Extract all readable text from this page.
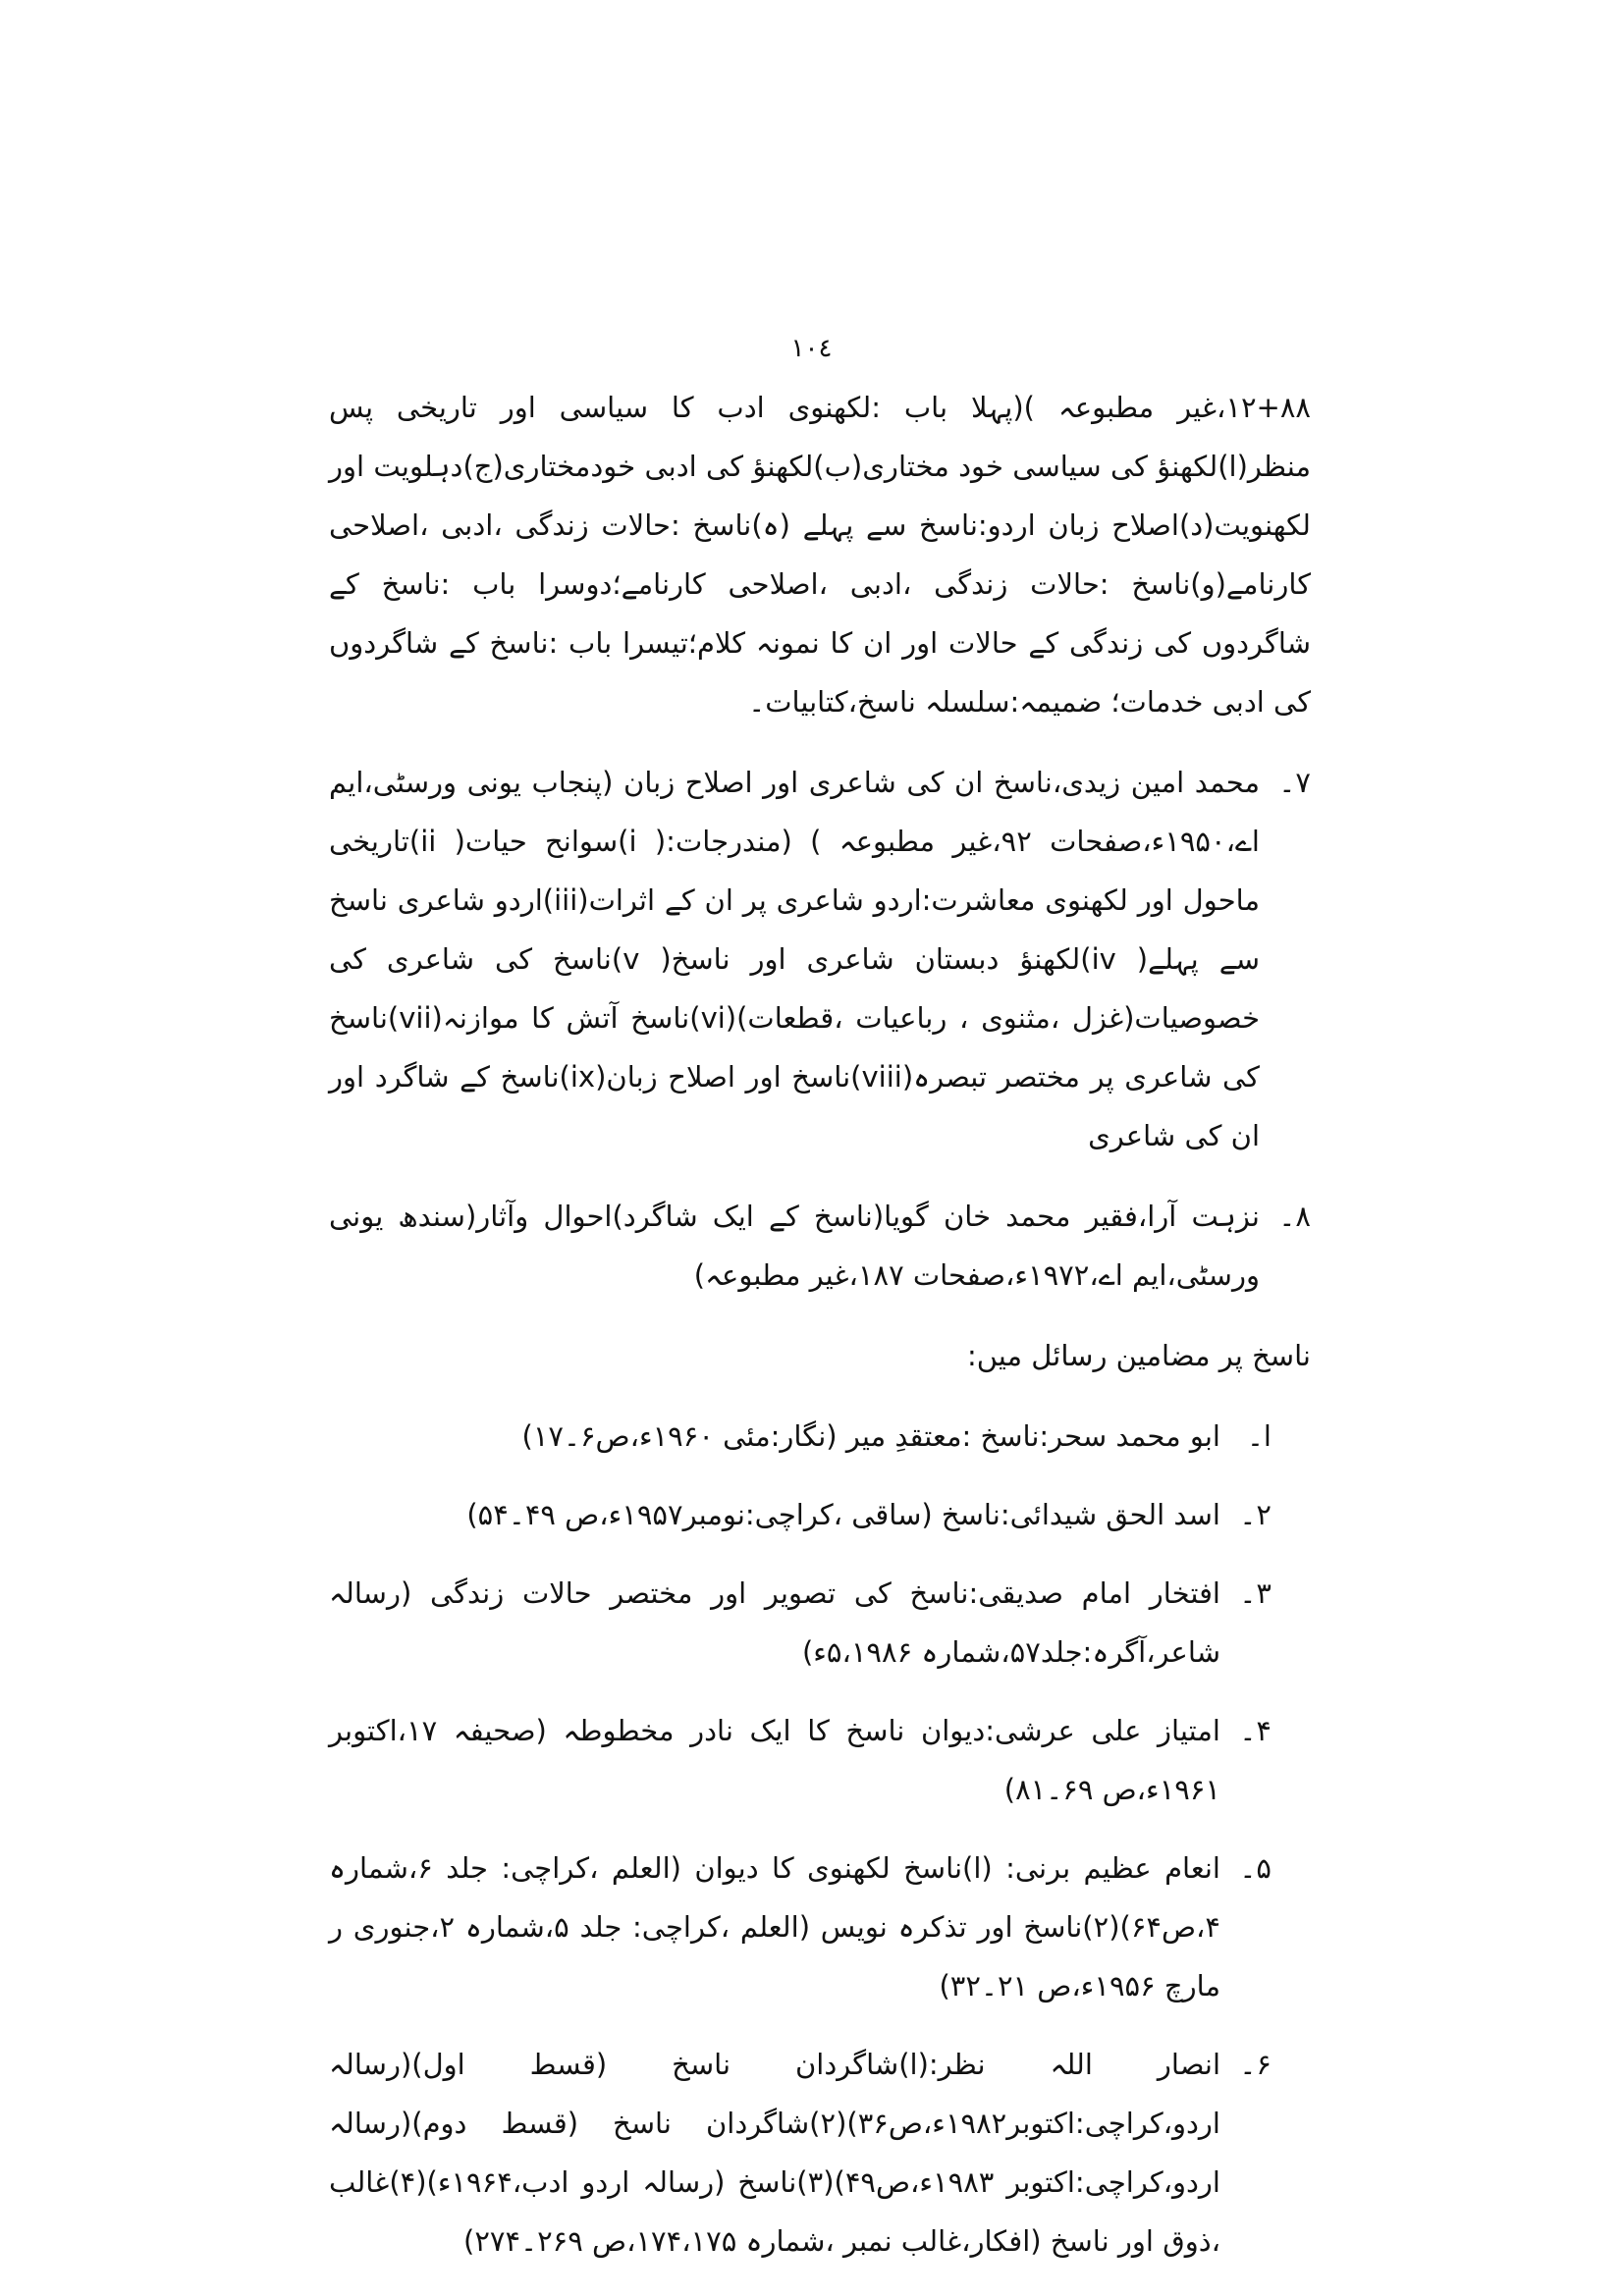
١٠٤

٨٨+١٢،غیر مطبوعہ )(پہلا باب :لکھنوی ادب کا سیاسی اور تاریخی پس منظر(ا)لکھنؤ کی سیاسی خود مختاری(ب)لکھنؤ کی ادبی خودمختاری(ج)دہلویت اور لکھنویت(د)اصلاح زبان اردو:ناسخ سے پہلے (ہ)ناسخ :حالات زندگی ،ادبی ،اصلاحی کارنامے(و)ناسخ :حالات زندگی ،ادبی ،اصلاحی کارنامے؛دوسرا باب :ناسخ کے شاگردوں کی زندگی کے حالات اور ان کا نمونہ کلام؛تیسرا باب :ناسخ کے شاگردوں کی ادبی خدمات؛ ضمیمہ:سلسلہ ناسخ،کتابیات۔

۷۔
محمد امین زیدی،ناسخ ان کی شاعری اور اصلاح زبان (پنجاب یونی ورسٹی،ایم اے،۱۹۵۰ء،صفحات ۹۲،غیر مطبوعہ ) (مندرجات:( i)سوانح حیات( ii)تاریخی ماحول اور لکھنوی معاشرت:اردو شاعری پر ان کے اثرات(iii)اردو شاعری ناسخ سے پہلے( iv)لکھنؤ دبستان شاعری اور ناسخ( v)ناسخ کی شاعری کی خصوصیات(غزل ،مثنوی ، رباعیات ،قطعات)(vi)ناسخ آتش کا موازنہ(vii)ناسخ کی شاعری پر مختصر تبصرہ(viii)ناسخ اور اصلاح زبان(ix)ناسخ کے شاگرد اور ان کی شاعری
۸۔
نزہت آرا،فقیر محمد خان گویا(ناسخ کے ایک شاگرد)احوال وآثار(سندھ یونی ورسٹی،ایم اے،۱۹۷۲ء،صفحات ۱۸۷،غیر مطبوعہ)
ناسخ پر مضامین رسائل میں:
ا۔
ابو محمد سحر:ناسخ :معتقدِ میر (نگار:مئی ۱۹۶۰ء،ص۶۔۱۷)
۲۔
اسد الحق شیدائی:ناسخ (ساقی ،کراچی:نومبر۱۹۵۷ء،ص ۴۹۔۵۴)
۳۔
افتخار امام صدیقی:ناسخ کی تصویر اور مختصر حالات زندگی (رسالہ شاعر،آگرہ:جلد۵۷،شمارہ ۵،۱۹۸۶ء)
۴۔
امتیاز علی عرشی:دیوان ناسخ کا ایک نادر مخطوطہ (صحیفہ ۱۷،اکتوبر ۱۹۶۱ء،ص ۶۹۔۸۱)
۵۔
انعام عظیم برنی: (ا)ناسخ لکھنوی کا دیوان (العلم ،کراچی: جلد ۶،شمارہ ۴،ص۶۴)(۲)ناسخ اور تذکرہ نویس (العلم ،کراچی: جلد ۵،شمارہ ۲،جنوری ر مارچ ۱۹۵۶ء،ص ۲۱۔۳۲)
۶۔
انصار اللہ نظر:(ا)شاگردان ناسخ (قسط اول)(رسالہ اردو،کراچی:اکتوبر۱۹۸۲ء،ص۳۶)(۲)شاگردان ناسخ (قسط دوم)(رسالہ اردو،کراچی:اکتوبر ۱۹۸۳ء،ص۴۹)(۳)ناسخ (رسالہ اردو ادب،۱۹۶۴ء)(۴)غالب ،ذوق اور ناسخ (افکار،غالب نمبر ،شمارہ ۱۷۴،۱۷۵،ص ۲۶۹۔۲۷۴)
